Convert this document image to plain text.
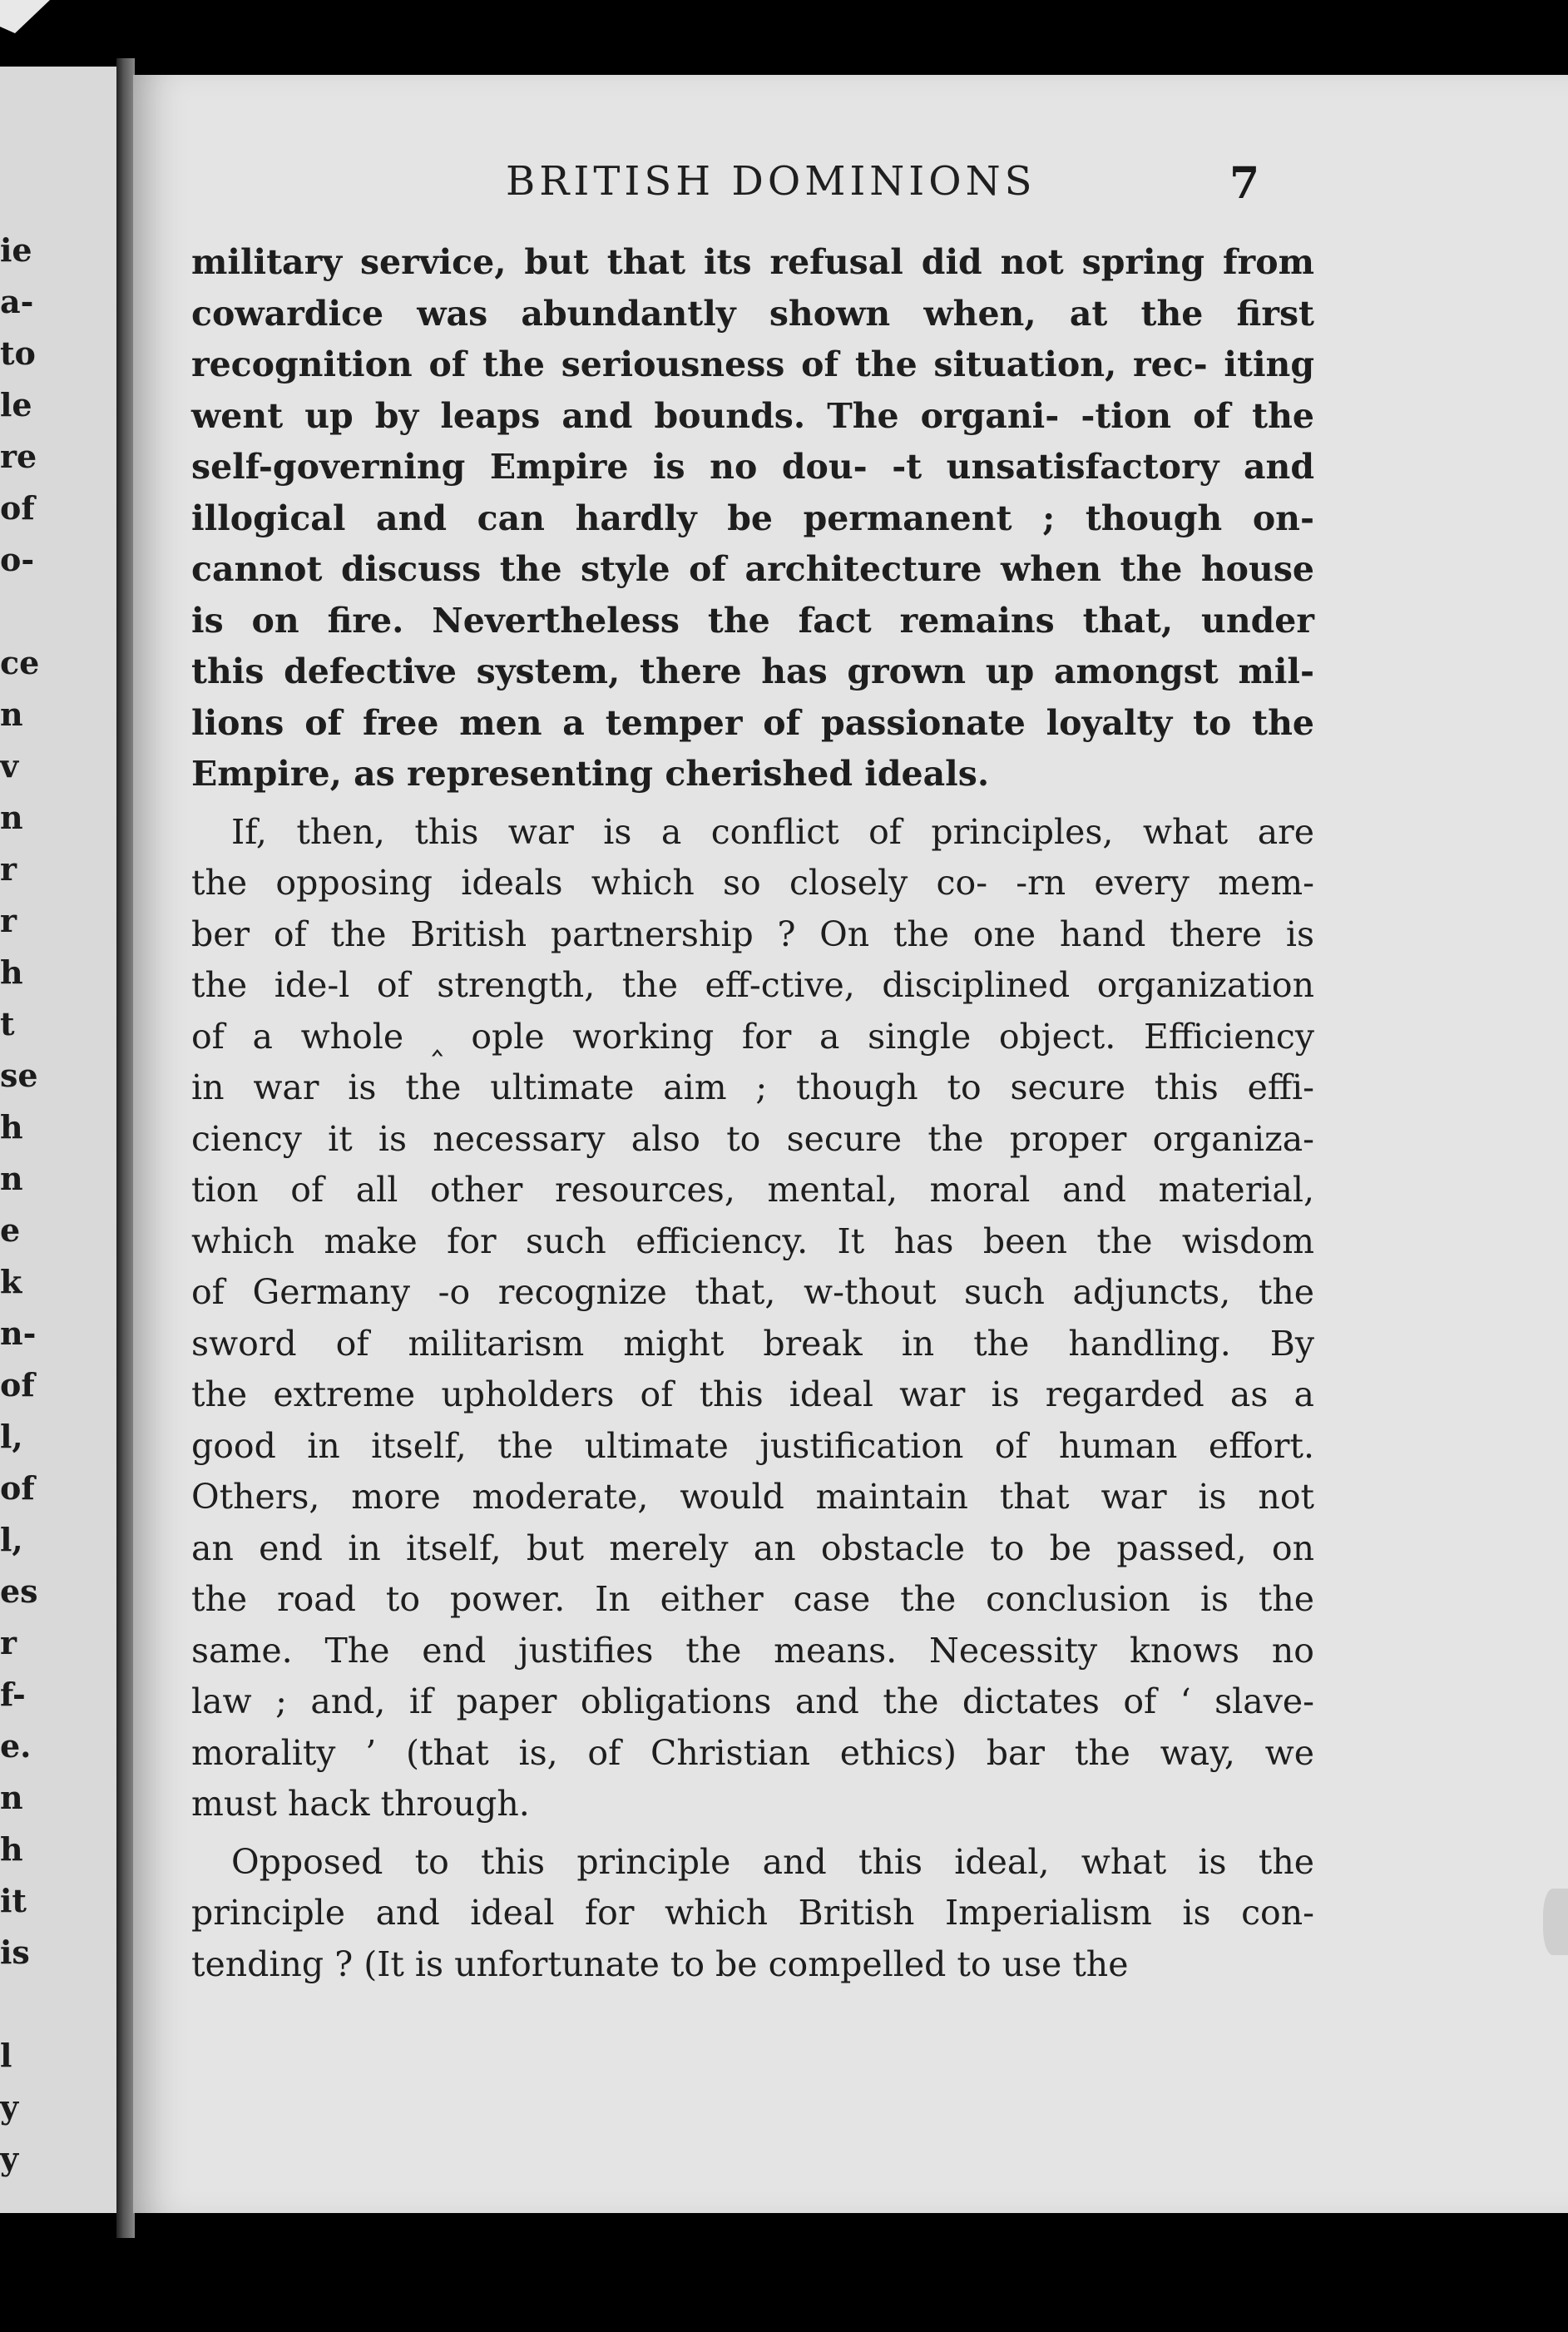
ie
a-
to
le
re
of
o-
ce
n
v
n
r
r
h
t
se
h
n
e
k
n-
of
l,
of
l,
es
r
f-
e.
n
h
it
is
l
y
y
BRITISH DOMINIONS	7
military service, but that its refusal did not spring from
cowardice was abundantly shown when, at the first
recognition of the seriousness of the situation, rec‐ iting
went up by leaps and bounds. The organi‐ ‐tion of the
self-governing Empire is no dou‐ ‐t unsatisfactory and
illogical and can hardly be permanent ; though on‐
cannot discuss the style of architecture when the house
is on fire. Nevertheless the fact remains that, under
this defective system, there has grown up amongst mil-
lions of free men a temper of passionate loyalty to the
Empire, as representing cherished ideals.
If, then, this war is a conflict of principles, what are
the opposing ideals which so closely co‐ ‐rn every mem-
ber of the British partnership ? On the one hand there is
the ide‐l of strength, the eff‐ctive, disciplined organization
of a whole ‸ ople working for a single object. Efficiency
in war is the ultimate aim ; though to secure this effi-
ciency it is necessary also to secure the proper organiza-
tion of all other resources, mental, moral and material,
which make for such efficiency. It has been the wisdom
of Germany ‐o recognize that, w‐thout such adjuncts, the
sword of militarism might break in the handling. By
the extreme upholders of this ideal war is regarded as a
good in itself, the ultimate justification of human effort.
Others, more moderate, would maintain that war is not
an end in itself, but merely an obstacle to be passed, on
the road to power. In either case the conclusion is the
same. The end justifies the means. Necessity knows no
law ; and, if paper obligations and the dictates of ‘ slave-
morality ’ (that is, of Christian ethics) bar the way, we
must hack through.
Opposed to this principle and this ideal, what is the
principle and ideal for which British Imperialism is con-
tending ? (It is unfortunate to be compelled to use the
